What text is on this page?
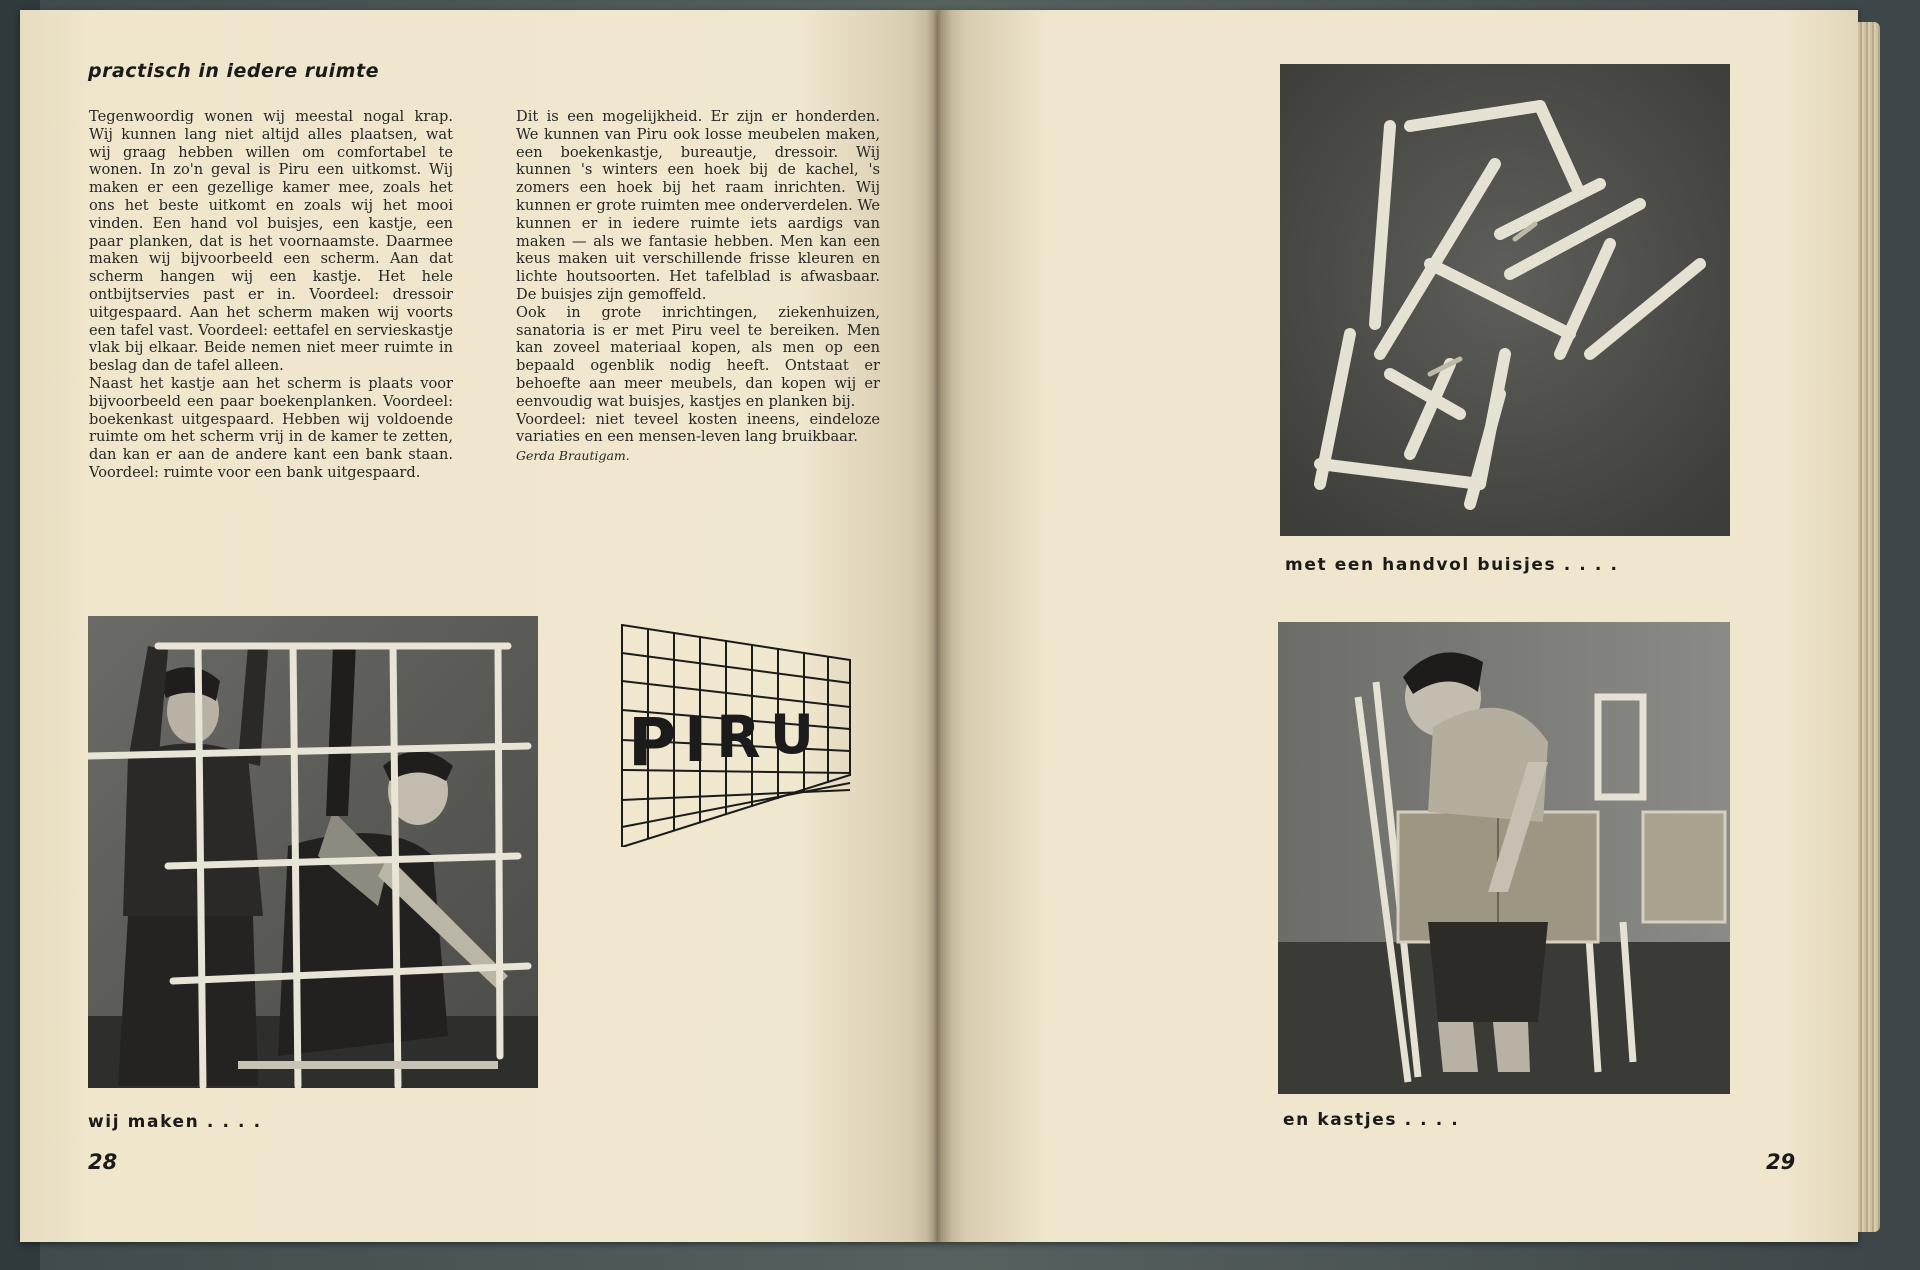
practisch in iedere ruimte

Tegenwoordig wonen wij meestal nogal krap. Wij kunnen lang niet altijd alles plaatsen, wat wij graag hebben willen om comfortabel te wonen. In zo'n geval is Piru een uitkomst. Wij maken er een gezellige kamer mee, zoals het ons het beste uitkomt en zoals wij het mooi vinden. Een hand vol buisjes, een kastje, een paar planken, dat is het voornaamste. Daarmee maken wij bijvoorbeeld een scherm. Aan dat scherm hangen wij een kastje. Het hele ontbijtservies past er in. Voordeel: dressoir uitgespaard. Aan het scherm maken wij voorts een tafel vast. Voordeel: eettafel en servieskastje vlak bij elkaar. Beide nemen niet meer ruimte in beslag dan de tafel alleen.

Naast het kastje aan het scherm is plaats voor bijvoorbeeld een paar boekenplanken. Voordeel: boekenkast uitgespaard. Hebben wij voldoende ruimte om het scherm vrij in de kamer te zetten, dan kan er aan de andere kant een bank staan. Voordeel: ruimte voor een bank uitgespaard.

Dit is een mogelijkheid. Er zijn er honderden. We kunnen van Piru ook losse meubelen maken, een boekenkastje, bureautje, dressoir. Wij kunnen 's winters een hoek bij de kachel, 's zomers een hoek bij het raam inrichten. Wij kunnen er grote ruimten mee onderverdelen. We kunnen er in iedere ruimte iets aardigs van maken — als we fantasie hebben. Men kan een keus maken uit verschillende frisse kleuren en lichte houtsoorten. Het tafelblad is afwasbaar. De buisjes zijn gemoffeld.

Ook in grote inrichtingen, ziekenhuizen, sanatoria is er met Piru veel te bereiken. Men kan zoveel materiaal kopen, als men op een bepaald ogenblik nodig heeft. Ontstaat er behoefte aan meer meubels, dan kopen wij er eenvoudig wat buisjes, kastjes en planken bij.

Voordeel: niet teveel kosten ineens, eindeloze variaties en een mensen-leven lang bruikbaar.

Gerda Brautigam.

P I R U

wij maken . . . .

28

met een handvol buisjes . . . .

en kastjes . . . .

29
